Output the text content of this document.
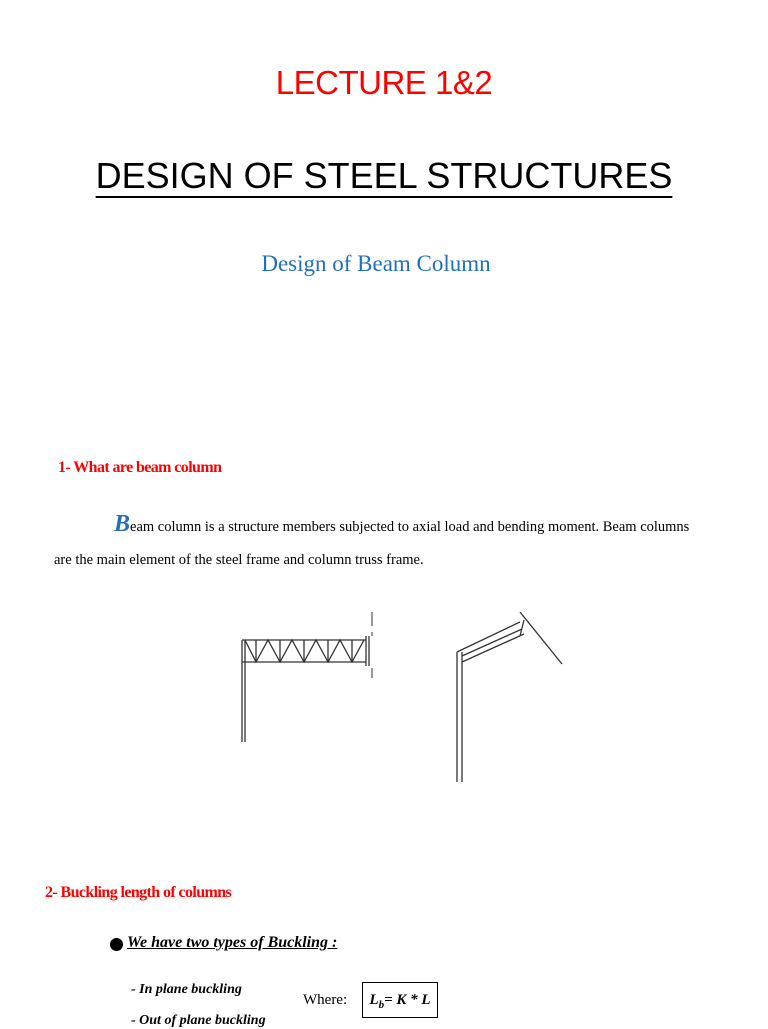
LECTURE 1&2
DESIGN OF STEEL STRUCTURES
Design of Beam Column
1- What are beam column
Beam column is a structure members subjected to axial load and bending moment. Beam columns are the main element of the steel frame and column truss frame.
2- Buckling length of columns
We have two types of Buckling :
- In plane buckling
- Out of plane buckling
Where:	$L_b= K * L$
